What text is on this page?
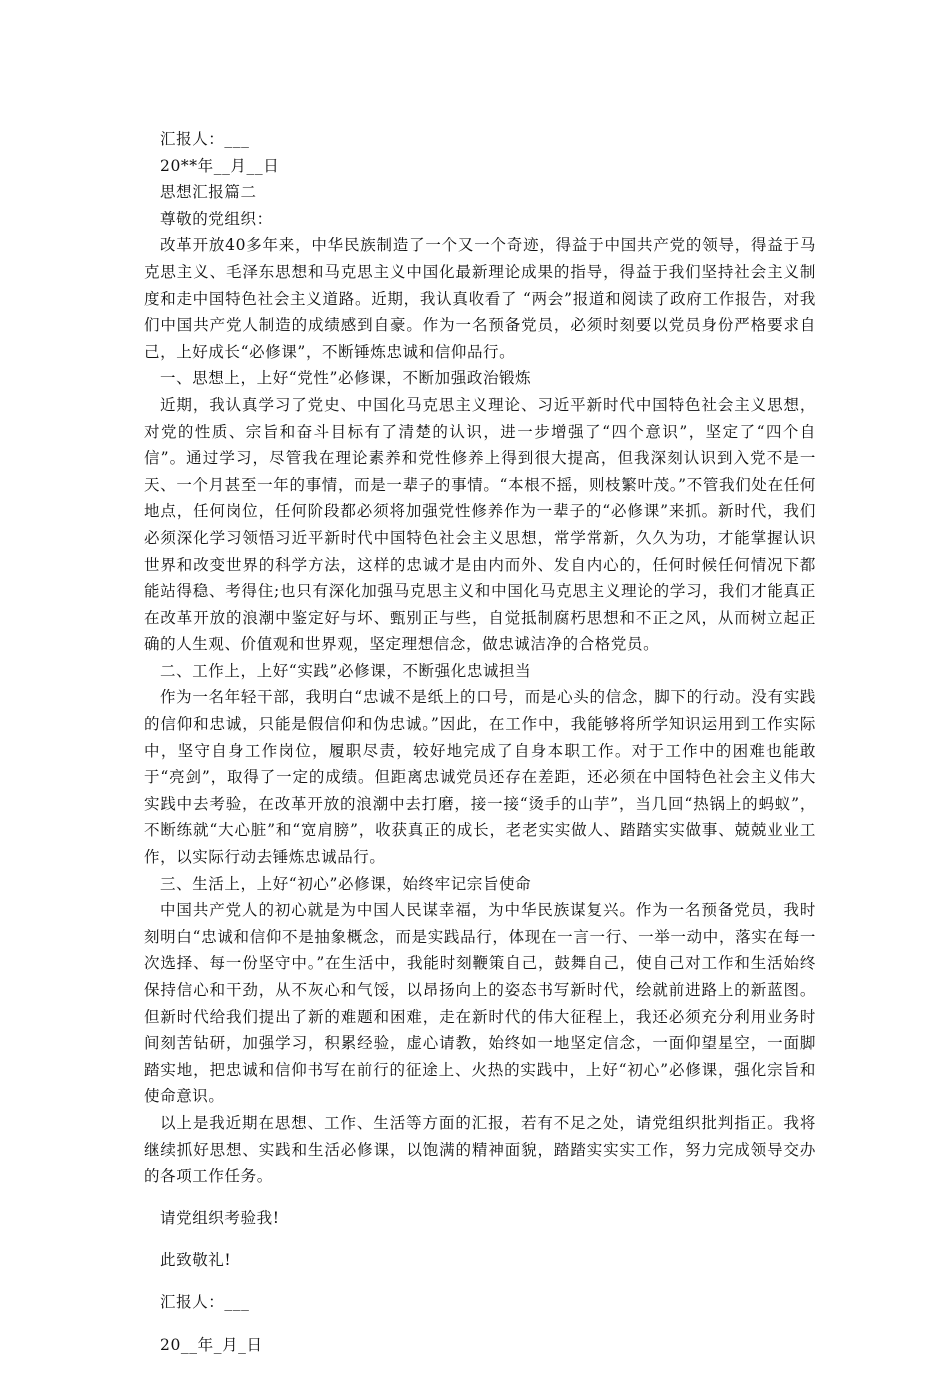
汇报人：___

20**年__月__日

思想汇报篇二

尊敬的党组织：

改革开放40多年来，中华民族制造了一个又一个奇迹，得益于中国共产党的领导，得益于马克思主义、毛泽东思想和马克思主义中国化最新理论成果的指导，得益于我们坚持社会主义制度和走中国特色社会主义道路。近期，我认真收看了 “两会”报道和阅读了政府工作报告，对我们中国共产党人制造的成绩感到自豪。作为一名预备党员，必须时刻要以党员身份严格要求自己，上好成长“必修课”，不断锤炼忠诚和信仰品行。

一、思想上，上好“党性”必修课，不断加强政治锻炼

近期，我认真学习了党史、中国化马克思主义理论、习近平新时代中国特色社会主义思想，对党的性质、宗旨和奋斗目标有了清楚的认识，进一步增强了“四个意识”，坚定了“四个自信”。通过学习，尽管我在理论素养和党性修养上得到很大提高，但我深刻认识到入党不是一天、一个月甚至一年的事情，而是一辈子的事情。“本根不摇，则枝繁叶茂。”不管我们处在任何地点，任何岗位，任何阶段都必须将加强党性修养作为一辈子的“必修课”来抓。新时代，我们必须深化学习领悟习近平新时代中国特色社会主义思想，常学常新，久久为功，才能掌握认识世界和改变世界的科学方法，这样的忠诚才是由内而外、发自内心的，任何时候任何情况下都能站得稳、考得住;也只有深化加强马克思主义和中国化马克思主义理论的学习，我们才能真正在改革开放的浪潮中鉴定好与坏、甄别正与些，自觉抵制腐朽思想和不正之风，从而树立起正确的人生观、价值观和世界观，坚定理想信念，做忠诚洁净的合格党员。

二、工作上，上好“实践”必修课，不断强化忠诚担当

作为一名年轻干部，我明白“忠诚不是纸上的口号，而是心头的信念，脚下的行动。没有实践的信仰和忠诚，只能是假信仰和伪忠诚。”因此，在工作中，我能够将所学知识运用到工作实际中，坚守自身工作岗位，履职尽责，较好地完成了自身本职工作。对于工作中的困难也能敢于“亮剑”，取得了一定的成绩。但距离忠诚党员还存在差距，还必须在中国特色社会主义伟大实践中去考验，在改革开放的浪潮中去打磨，接一接“烫手的山芋”，当几回“热锅上的蚂蚁”，不断练就“大心脏”和“宽肩膀”，收获真正的成长，老老实实做人、踏踏实实做事、兢兢业业工作，以实际行动去锤炼忠诚品行。

三、生活上，上好“初心”必修课，始终牢记宗旨使命

中国共产党人的初心就是为中国人民谋幸福，为中华民族谋复兴。作为一名预备党员，我时刻明白“忠诚和信仰不是抽象概念，而是实践品行，体现在一言一行、一举一动中，落实在每一次选择、每一份坚守中。”在生活中，我能时刻鞭策自己，鼓舞自己，使自己对工作和生活始终保持信心和干劲，从不灰心和气馁，以昂扬向上的姿态书写新时代，绘就前进路上的新蓝图。但新时代给我们提出了新的难题和困难，走在新时代的伟大征程上，我还必须充分利用业务时间刻苦钻研，加强学习，积累经验，虚心请教，始终如一地坚定信念，一面仰望星空，一面脚踏实地，把忠诚和信仰书写在前行的征途上、火热的实践中，上好“初心”必修课，强化宗旨和使命意识。

以上是我近期在思想、工作、生活等方面的汇报，若有不足之处，请党组织批判指正。我将继续抓好思想、实践和生活必修课，以饱满的精神面貌，踏踏实实实工作，努力完成领导交办的各项工作任务。

请党组织考验我!

此致敬礼!

汇报人：___

20__年_月_日
